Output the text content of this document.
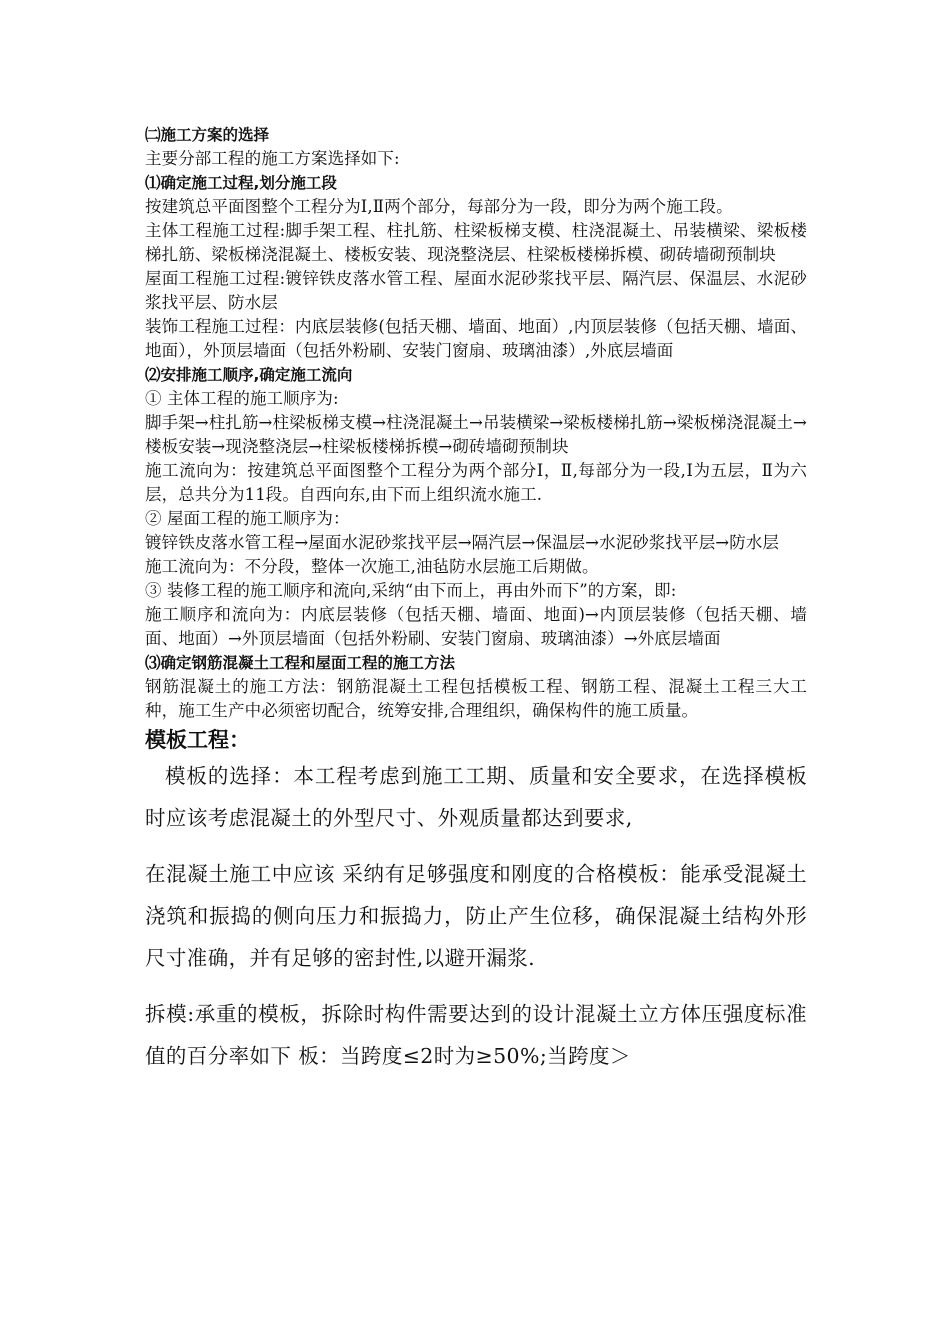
㈡施工方案的选择

主要分部工程的施工方案选择如下:

⑴确定施工过程,划分施工段

按建筑总平面图整个工程分为Ⅰ,Ⅱ两个部分，每部分为一段，即分为两个施工段。

主体工程施工过程:脚手架工程、柱扎筋、柱梁板梯支模、柱浇混凝土、吊装横梁、梁板楼梯扎筋、梁板梯浇混凝土、楼板安装、现浇整浇层、柱梁板楼梯拆模、砌砖墙砌预制块

屋面工程施工过程:镀锌铁皮落水管工程、屋面水泥砂浆找平层、隔汽层、保温层、水泥砂浆找平层、防水层

装饰工程施工过程：内底层装修(包括天棚、墙面、地面）,内顶层装修（包括天棚、墙面、地面），外顶层墙面（包括外粉刷、安装门窗扇、玻璃油漆）,外底层墙面

⑵安排施工顺序,确定施工流向

① 主体工程的施工顺序为:

脚手架→柱扎筋→柱梁板梯支模→柱浇混凝土→吊装横梁→梁板楼梯扎筋→梁板梯浇混凝土→楼板安装→现浇整浇层→柱梁板楼梯拆模→砌砖墙砌预制块

施工流向为：按建筑总平面图整个工程分为两个部分Ⅰ，Ⅱ,每部分为一段,Ⅰ为五层，Ⅱ为六层，总共分为11段。自西向东,由下而上组织流水施工.

② 屋面工程的施工顺序为：

镀锌铁皮落水管工程→屋面水泥砂浆找平层→隔汽层→保温层→水泥砂浆找平层→防水层

施工流向为：不分段，整体一次施工,油毡防水层施工后期做。

③ 装修工程的施工顺序和流向,采纳“由下而上，再由外而下”的方案，即:

施工顺序和流向为：内底层装修（包括天棚、墙面、地面)→内顶层装修（包括天棚、墙面、地面）→外顶层墙面（包括外粉刷、安装门窗扇、玻璃油漆）→外底层墙面

⑶确定钢筋混凝土工程和屋面工程的施工方法

钢筋混凝土的施工方法：钢筋混凝土工程包括模板工程、钢筋工程、混凝土工程三大工种，施工生产中必须密切配合，统筹安排,合理组织，确保构件的施工质量。

模板工程：

模板的选择：本工程考虑到施工工期、质量和安全要求，在选择模板时应该考虑混凝土的外型尺寸、外观质量都达到要求,

在混凝土施工中应该 采纳有足够强度和刚度的合格模板：能承受混凝土浇筑和振捣的侧向压力和振捣力，防止产生位移，确保混凝土结构外形尺寸准确，并有足够的密封性,以避开漏浆.

拆模:承重的模板，拆除时构件需要达到的设计混凝土立方体压强度标准值的百分率如下 板：当跨度≤2时为≥50%;当跨度＞
